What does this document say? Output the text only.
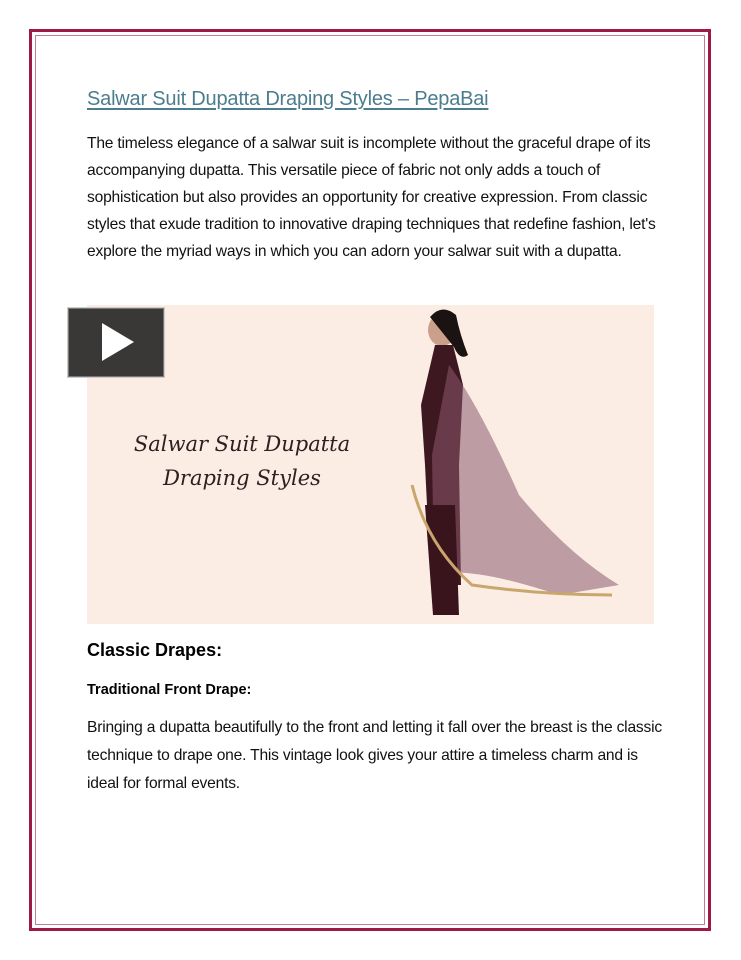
Salwar Suit Dupatta Draping Styles – PepaBai
The timeless elegance of a salwar suit is incomplete without the graceful drape of its accompanying dupatta. This versatile piece of fabric not only adds a touch of sophistication but also provides an opportunity for creative expression. From classic styles that exude tradition to innovative draping techniques that redefine fashion, let's explore the myriad ways in which you can adorn your salwar suit with a dupatta.
Salwar Suit Dupatta
Draping Styles
Classic Drapes:
Traditional Front Drape:
Bringing a dupatta beautifully to the front and letting it fall over the breast is the classic technique to drape one. This vintage look gives your attire a timeless charm and is ideal for formal events.
